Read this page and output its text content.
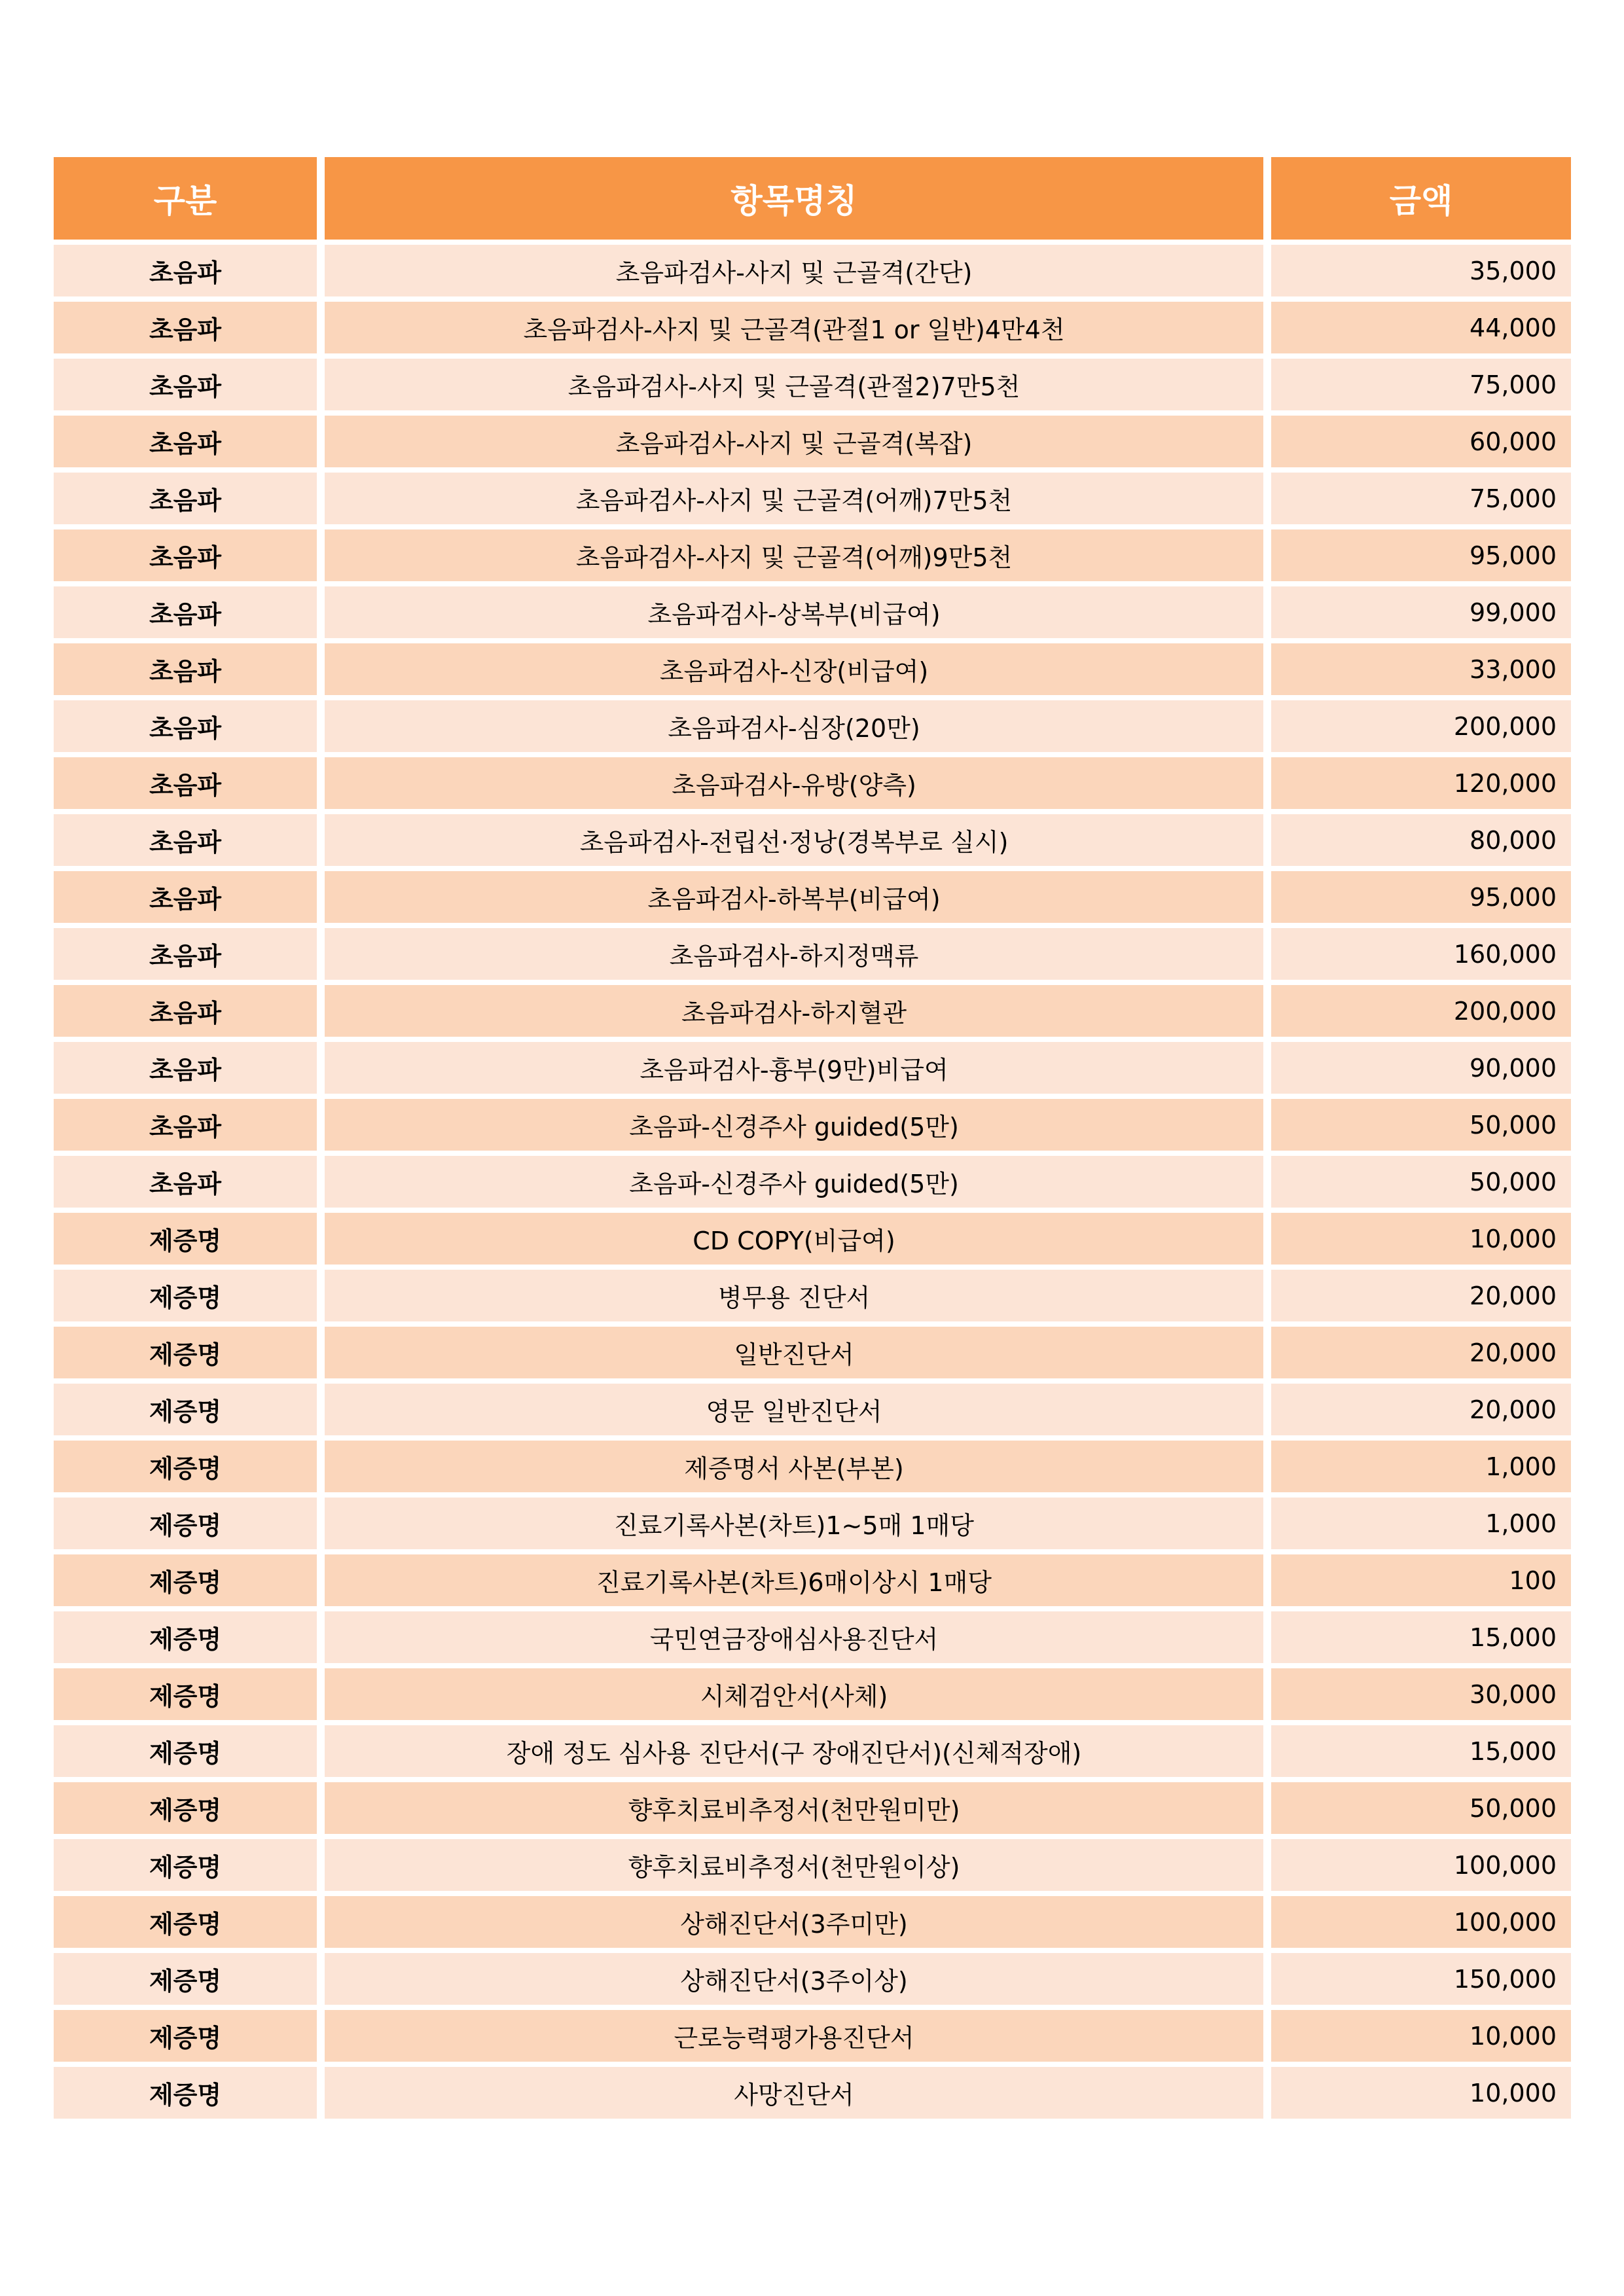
구분	항목명칭	금액
초음파	초음파검사-사지 및 근골격(간단)	35,000
초음파	초음파검사-사지 및 근골격(관절1 or 일반)4만4천	44,000
초음파	초음파검사-사지 및 근골격(관절2)7만5천	75,000
초음파	초음파검사-사지 및 근골격(복잡)	60,000
초음파	초음파검사-사지 및 근골격(어깨)7만5천	75,000
초음파	초음파검사-사지 및 근골격(어깨)9만5천	95,000
초음파	초음파검사-상복부(비급여)	99,000
초음파	초음파검사-신장(비급여)	33,000
초음파	초음파검사-심장(20만)	200,000
초음파	초음파검사-유방(양측)	120,000
초음파	초음파검사-전립선·정낭(경복부로 실시)	80,000
초음파	초음파검사-하복부(비급여)	95,000
초음파	초음파검사-하지정맥류	160,000
초음파	초음파검사-하지혈관	200,000
초음파	초음파검사-흉부(9만)비급여	90,000
초음파	초음파-신경주사 guided(5만)	50,000
초음파	초음파-신경주사 guided(5만)	50,000
제증명	CD COPY(비급여)	10,000
제증명	병무용 진단서	20,000
제증명	일반진단서	20,000
제증명	영문 일반진단서	20,000
제증명	제증명서 사본(부본)	1,000
제증명	진료기록사본(차트)1~5매 1매당	1,000
제증명	진료기록사본(차트)6매이상시 1매당	100
제증명	국민연금장애심사용진단서	15,000
제증명	시체검안서(사체)	30,000
제증명	장애 정도 심사용 진단서(구 장애진단서)(신체적장애)	15,000
제증명	향후치료비추정서(천만원미만)	50,000
제증명	향후치료비추정서(천만원이상)	100,000
제증명	상해진단서(3주미만)	100,000
제증명	상해진단서(3주이상)	150,000
제증명	근로능력평가용진단서	10,000
제증명	사망진단서	10,000
